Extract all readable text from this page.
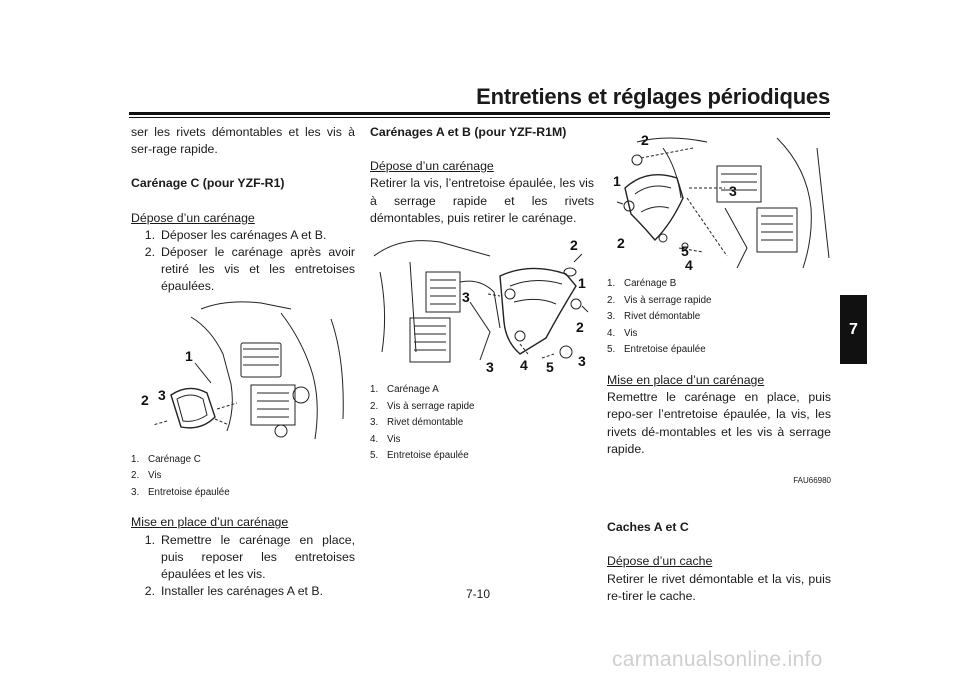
Entretiens et réglages périodiques

ser les rivets démontables et les vis à ser-rage rapide.

Carénage C (pour YZF-R1)

Dépose d’un carénage

1. Déposer les carénages A et B.
2. Déposer le carénage après avoir retiré les vis et les entretoises épaulées.
1
2 3
1. Carénage C
2. Vis
3. Entretoise épaulée

Mise en place d’un carénage

1. Remettre le carénage en place, puis reposer les entretoises épaulées et les vis.
2. Installer les carénages A et B.

Carénages A et B (pour YZF-R1M)

Dépose d’un carénage

Retirer la vis, l’entretoise épaulée, les vis à serrage rapide et les rivets démontables, puis retirer le carénage.

2
1
3
2
3 4 5 3
1. Carénage A
2. Vis à serrage rapide
3. Rivet démontable
4. Vis
5. Entretoise épaulée
2
1
3
2	5
4
1. Carénage B
2. Vis à serrage rapide
3. Rivet démontable
4. Vis
5. Entretoise épaulée

Mise en place d’un carénage

Remettre le carénage en place, puis repo-ser l’entretoise épaulée, la vis, les rivets dé-montables et les vis à serrage rapide.

FAU66980

Caches A et C

Dépose d’un cache

Retirer le rivet démontable et la vis, puis re-tirer le cache.

7
7-10
carmanualsonline.info
